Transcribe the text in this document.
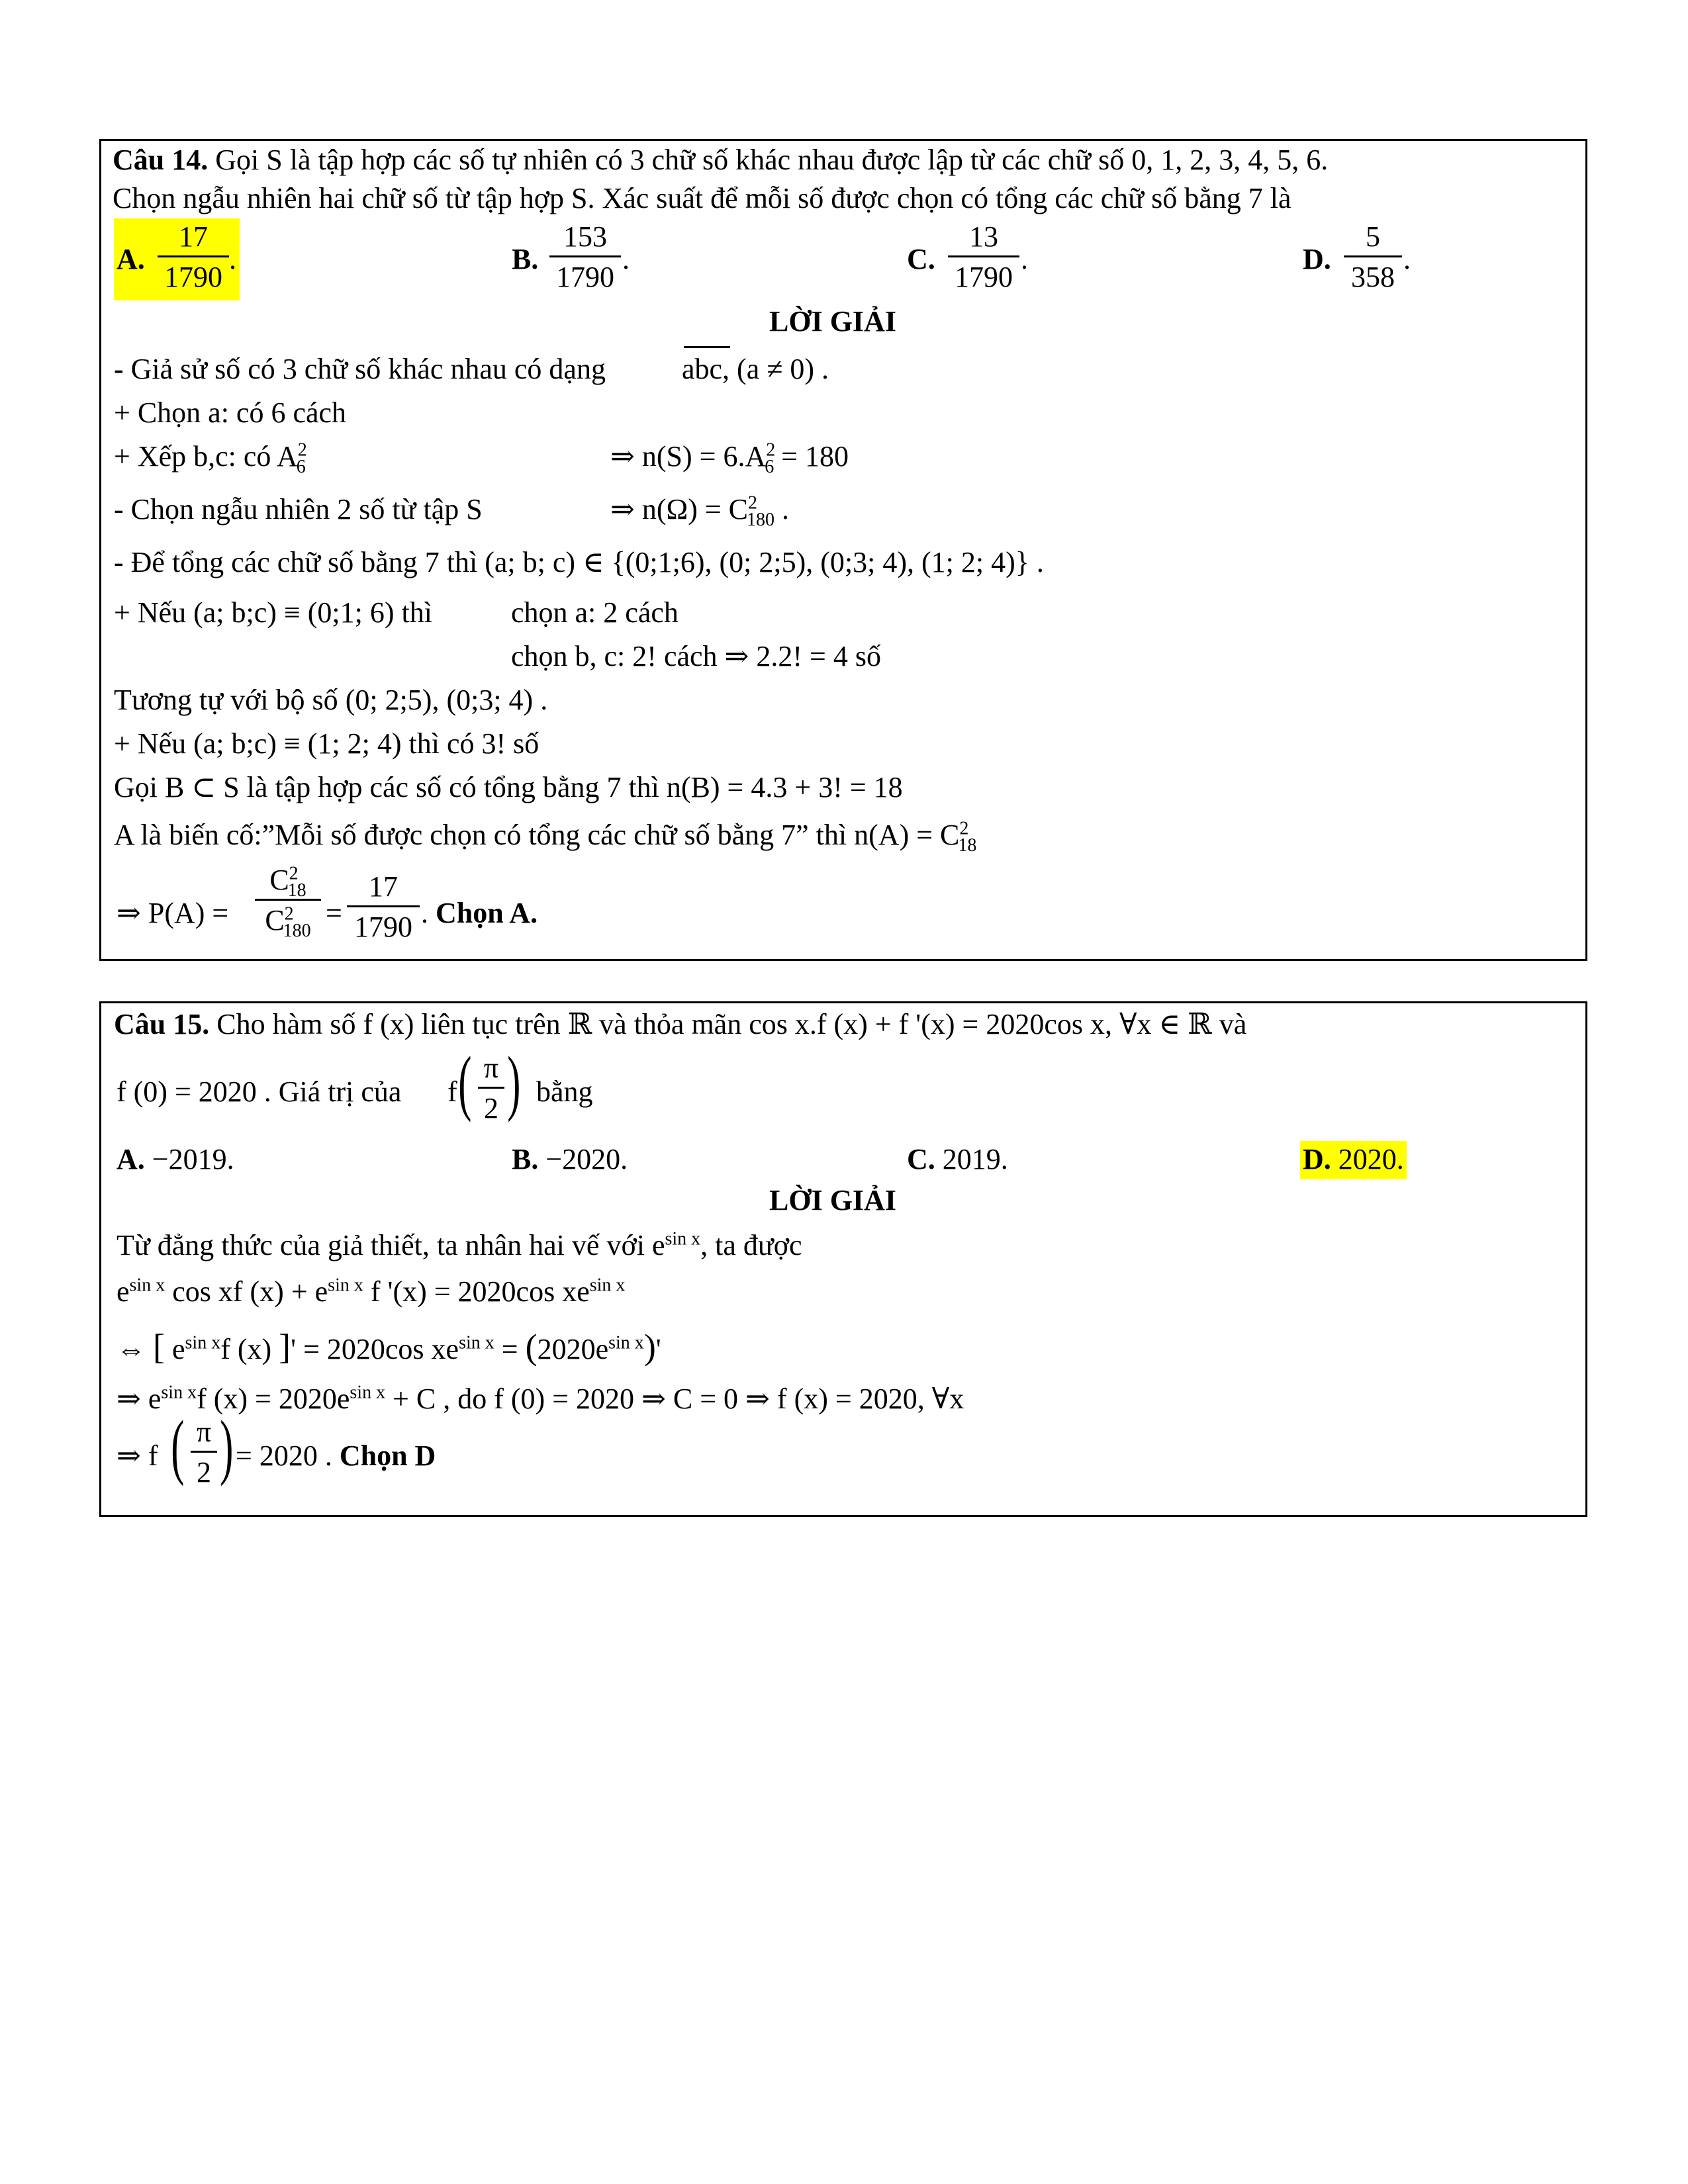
Câu 14. Gọi S là tập hợp các số tự nhiên có 3 chữ số khác nhau được lập từ các chữ số 0, 1, 2, 3, 4, 5, 6.
Chọn ngẫu nhiên hai chữ số từ tập hợp S. Xác suất để mỗi số được chọn có tổng các chữ số bằng 7 là
A.
17
1790
.	B.
153
1790
.	C.
13
1790
.	D.
5
358
.
LỜI GIẢI
- Giả sử số có 3 chữ số khác nhau có dạng	abc, (a ≠ 0) .
+ Chọn a: có 6 cách
+ Xếp b,c: có $A^2_6$	⇒ $n(S) = 6.A^2_6 = 180$
- Chọn ngẫu nhiên 2 số từ tập S	⇒ $n(\Omega) = C^2_{180}$ .
- Để tổng các chữ số bằng 7 thì (a; b; c) ∈ {(0;1;6), (0; 2;5), (0;3; 4), (1; 2; 4)} .
+ Nếu (a; b;c) ≡ (0;1; 6) thì	chọn a: 2 cách
chọn b, c: 2! cách ⇒ 2.2! = 4 số
Tương tự với bộ số (0; 2;5), (0;3; 4) .
+ Nếu (a; b;c) ≡ (1; 2; 4) thì có 3! số
Gọi B ⊂ S là tập hợp các số có tổng bằng 7 thì n(B) = 4.3 + 3! = 18
A là biến cố:”Mỗi số được chọn có tổng các chữ số bằng 7” thì $n(A) = C^2_{18}$
⇒ P(A) =
$C^2_{18}$
$C^2_{180}$
=
17
1790 . Chọn A.
Câu 15. Cho hàm số f (x) liên tục trên ℝ và thỏa mãn cos x.f (x) + f '(x) = 2020cos x, ∀x ∈ ℝ và
f (0) = 2020 . Giá trị của f ( π
2 ) bằng
A. −2019.	B. −2020.	C. 2019.	D. 2020.
LỜI GIẢI
Từ đẳng thức của giả thiết, ta nhân hai vế với $e^{sin x}$, ta được
$e^{sin x}$ cos xf $(x) + e^{sin x}$ f '(x) = 2020cos $xe^{sin x}$
⇔ [ $e^{sin x}f$ (x) ]' = 2020cos $xe^{sin x} = (2020e^{sin x})'$
⇒ $e^{sin x}f$ $(x) = 2020e^{sin x} + C$ , do f (0) = 2020 ⇒ C = 0 ⇒ f (x) = 2020, ∀x
⇒ f ( π
2 ) = 2020 . Chọn D
